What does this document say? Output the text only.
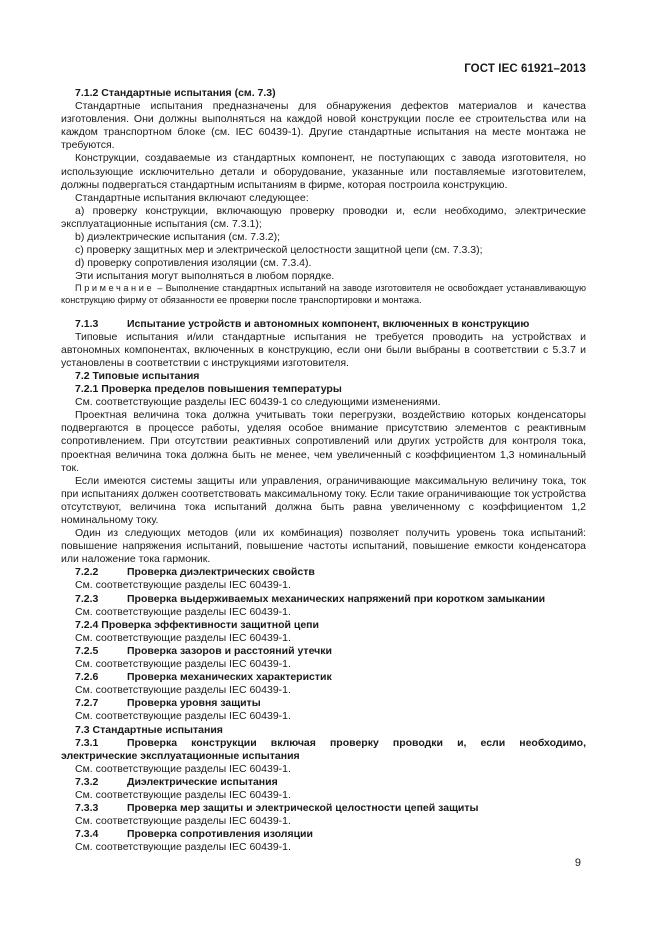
ГОСТ IEC 61921–2013

7.1.2 Стандартные испытания (см. 7.3)

Стандартные испытания предназначены для обнаружения дефектов материалов и качества изготовления. Они должны выполняться на каждой новой конструкции после ее строительства или на каждом транспортном блоке (см. IEC 60439-1). Другие стандартные испытания на месте монтажа не требуются.

Конструкции, создаваемые из стандартных компонент, не поступающих с завода изготовителя, но использующие исключительно детали и оборудование, указанные или поставляемые изготовителем, должны подвергаться стандартным испытаниям в фирме, которая построила конструкцию.

Стандартные испытания включают следующее:

a) проверку конструкции, включающую проверку проводки и, если необходимо, электрические эксплуатационные испытания (см. 7.3.1);

b) диэлектрические испытания (см. 7.3.2);

c) проверку защитных мер и электрической целостности защитной цепи (см. 7.3.3);

d) проверку сопротивления изоляции (см. 7.3.4).

Эти испытания могут выполняться в любом порядке.

Примечание – Выполнение стандартных испытаний на заводе изготовителя не освобождает устанавливающую конструкцию фирму от обязанности ее проверки после транспортировки и монтажа.

7.1.3	Испытание устройств и автономных компонент, включенных в конструкцию

Типовые испытания и/или стандартные испытания не требуется проводить на устройствах и автономных компонентах, включенных в конструкцию, если они были выбраны в соответствии с 5.3.7 и установлены в соответствии с инструкциями изготовителя.

7.2 Типовые испытания

7.2.1 Проверка пределов повышения температуры

См. соответствующие разделы IEC 60439-1 со следующими изменениями.

Проектная величина тока должна учитывать токи перегрузки, воздействию которых конденсаторы подвергаются в процессе работы, уделяя особое внимание присутствию элементов с реактивным сопротивлением. При отсутствии реактивных сопротивлений или других устройств для контроля тока, проектная величина тока должна быть не менее, чем увеличенный с коэффициентом 1,3 номинальный ток.

Если имеются системы защиты или управления, ограничивающие максимальную величину тока, ток при испытаниях должен соответствовать максимальному току. Если такие ограничивающие ток устройства отсутствуют, величина тока испытаний должна быть равна увеличенному с коэффициентом 1,2 номинальному току.

Один из следующих методов (или их комбинация) позволяет получить уровень тока испытаний: повышение напряжения испытаний, повышение частоты испытаний, повышение емкости конденсатора или наложение тока гармоник.

7.2.2	Проверка диэлектрических свойств

См. соответствующие разделы IEC 60439-1.

7.2.3	Проверка выдерживаемых механических напряжений при коротком замыкании

См. соответствующие разделы IEC 60439-1.

7.2.4 Проверка эффективности защитной цепи

См. соответствующие разделы IEC 60439-1.

7.2.5	Проверка зазоров и расстояний утечки

См. соответствующие разделы IEC 60439-1.

7.2.6	Проверка механических характеристик

См. соответствующие разделы IEC 60439-1.

7.2.7	Проверка уровня защиты

См. соответствующие разделы IEC 60439-1.

7.3 Стандартные испытания

7.3.1	Проверка конструкции включая проверку проводки и, если необходимо, электрические эксплуатационные испытания

См. соответствующие разделы IEC 60439-1.

7.3.2	Диэлектрические испытания

См. соответствующие разделы IEC 60439-1.

7.3.3	Проверка мер защиты и электрической целостности цепей защиты

См. соответствующие разделы IEC 60439-1.

7.3.4	Проверка сопротивления изоляции

См. соответствующие разделы IEC 60439-1.

9
